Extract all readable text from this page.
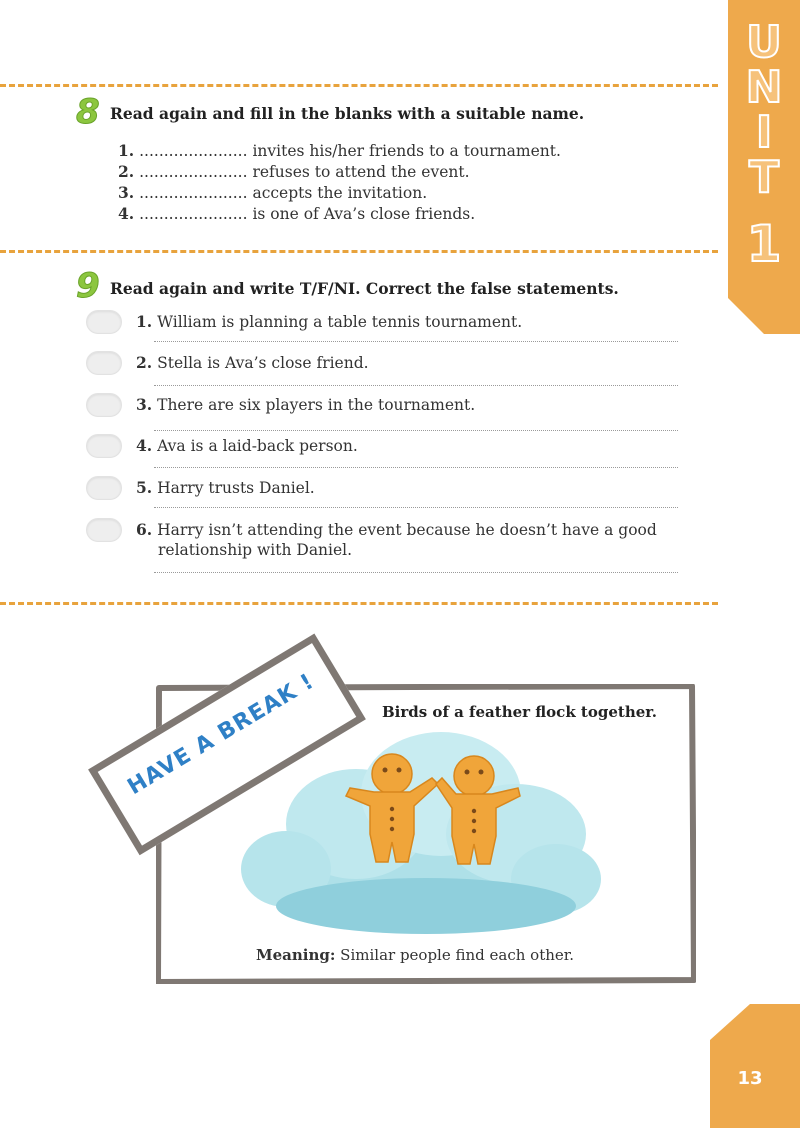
U
N
I
T
1
8 Read again and fill in the blanks with a suitable name.
1. ...................... invites his/her friends to a tournament.
2. ...................... refuses to attend the event.
3. ...................... accepts the invitation.
4. ...................... is one of Ava’s close friends.
9 Read again and write T/F/NI. Correct the false statements.
1. William is planning a table tennis tournament.
2. Stella is Ava’s close friend.
3. There are six players in the tournament.
4. Ava is a laid-back person.
5. Harry trusts Daniel.
6. Harry isn’t attending the event because he doesn’t have a good
relationship with Daniel.
HAVE A BREAK !	Birds of a feather flock together.
Meaning: Similar people find each other.
13
